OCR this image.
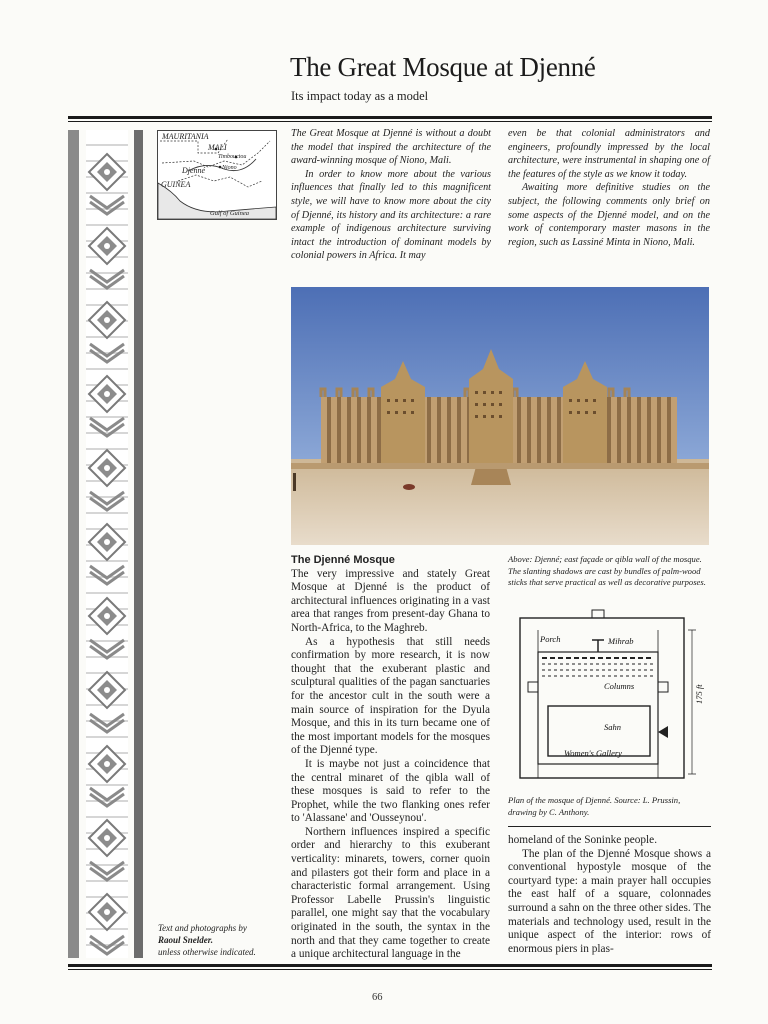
The Great Mosque at Djenné
Its impact today as a model
MAURITANIA
MALI
Timbouctou
Djenné	Niono
GUINEA
Gulf of Guinea

The Great Mosque at Djenné is without a doubt the model that inspired the architecture of the award-winning mosque of Niono, Mali.

In order to know more about the various influences that finally led to this magnificent style, we will have to know more about the city of Djenné, its history and its architecture: a rare example of indigenous architecture surviving intact the introduction of dominant models by colonial powers in Africa. It may

even be that colonial administrators and engineers, profoundly impressed by the local architecture, were instrumental in shaping one of the features of the style as we know it today.

Awaiting more definitive studies on the subject, the following comments only brief on some aspects of the Djenné model, and on the work of contemporary master masons in the region, such as Lassiné Minta in Niono, Mali.

The Djenné Mosque

The very impressive and stately Great Mosque at Djenné is the product of architectural influences originating in a vast area that ranges from present-day Ghana to North-Africa, to the Maghreb.

As a hypothesis that still needs confirmation by more research, it is now thought that the exuberant plastic and sculptural qualities of the pagan sanctuaries for the ancestor cult in the south were a main source of inspiration for the Dyula Mosque, and this in its turn became one of the most important models for the mosques of the Djenné type.

It is maybe not just a coincidence that the central minaret of the qibla wall of these mosques is said to refer to the Prophet, while the two flanking ones refer to 'Alassane' and 'Ousseynou'.

Northern influences inspired a specific order and hierarchy to this exuberant verticality: minarets, towers, corner quoin and pilasters got their form and place in a characteristic formal arrangement. Using Professor Labelle Prussin's linguistic parallel, one might say that the vocabulary originated in the south, the syntax in the north and that they came together to create a unique architectural language in the

Above: Djenné; east façade or qibla wall of the mosque. The slanting shadows are cast by bundles of palm-wood sticks that serve practical as well as decorative purposes.
Porch	Mihrab
Columns
Sahn
Women's Gallery
175 ft
Plan of the mosque of Djenné. Source: L. Prussin, drawing by C. Anthony.

homeland of the Soninke people.

The plan of the Djenné Mosque shows a conventional hypostyle mosque of the courtyard type: a main prayer hall occupies the east half of a square, colonnades surround a sahn on the three other sides. The materials and technology used, result in the unique aspect of the interior: rows of enormous piers in plas-

Text and photographs by
Raoul Snelder.
unless otherwise indicated.
66
